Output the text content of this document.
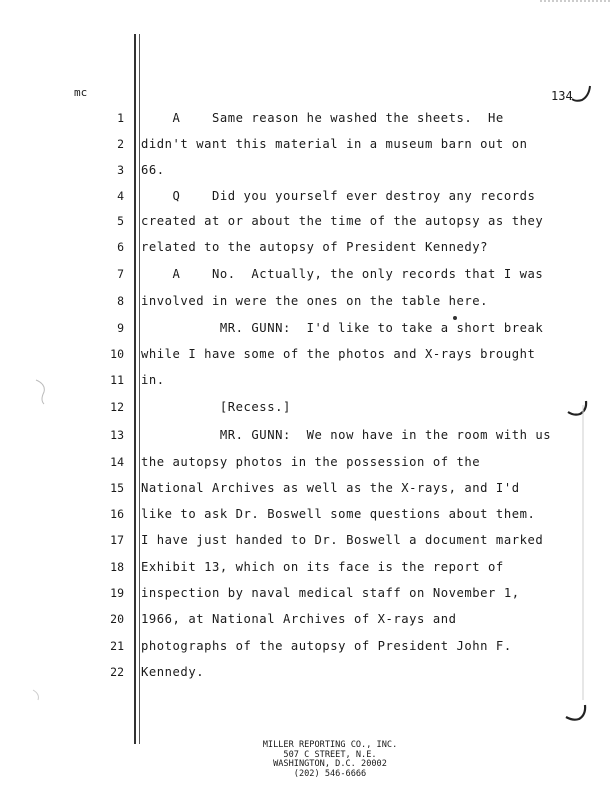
mc	134
1 A    Same reason he washed the sheets.  He
2 didn't want this material in a museum barn out on
3 66.
4 Q    Did you yourself ever destroy any records
5 created at or about the time of the autopsy as they
6 related to the autopsy of President Kennedy?
7 A    No.  Actually, the only records that I was
8 involved in were the ones on the table here.
9 MR. GUNN:  I'd like to take a short break
10 while I have some of the photos and X-rays brought
11 in.
12 [Recess.]
13 MR. GUNN:  We now have in the room with us
14 the autopsy photos in the possession of the
15 National Archives as well as the X-rays, and I'd
16 like to ask Dr. Boswell some questions about them.
17 I have just handed to Dr. Boswell a document marked
18 Exhibit 13, which on its face is the report of
19 inspection by naval medical staff on November 1,
20 1966, at National Archives of X-rays and
21 photographs of the autopsy of President John F.
22 Kennedy.
MILLER REPORTING CO., INC.
507 C STREET, N.E.
WASHINGTON, D.C. 20002
(202) 546-6666
